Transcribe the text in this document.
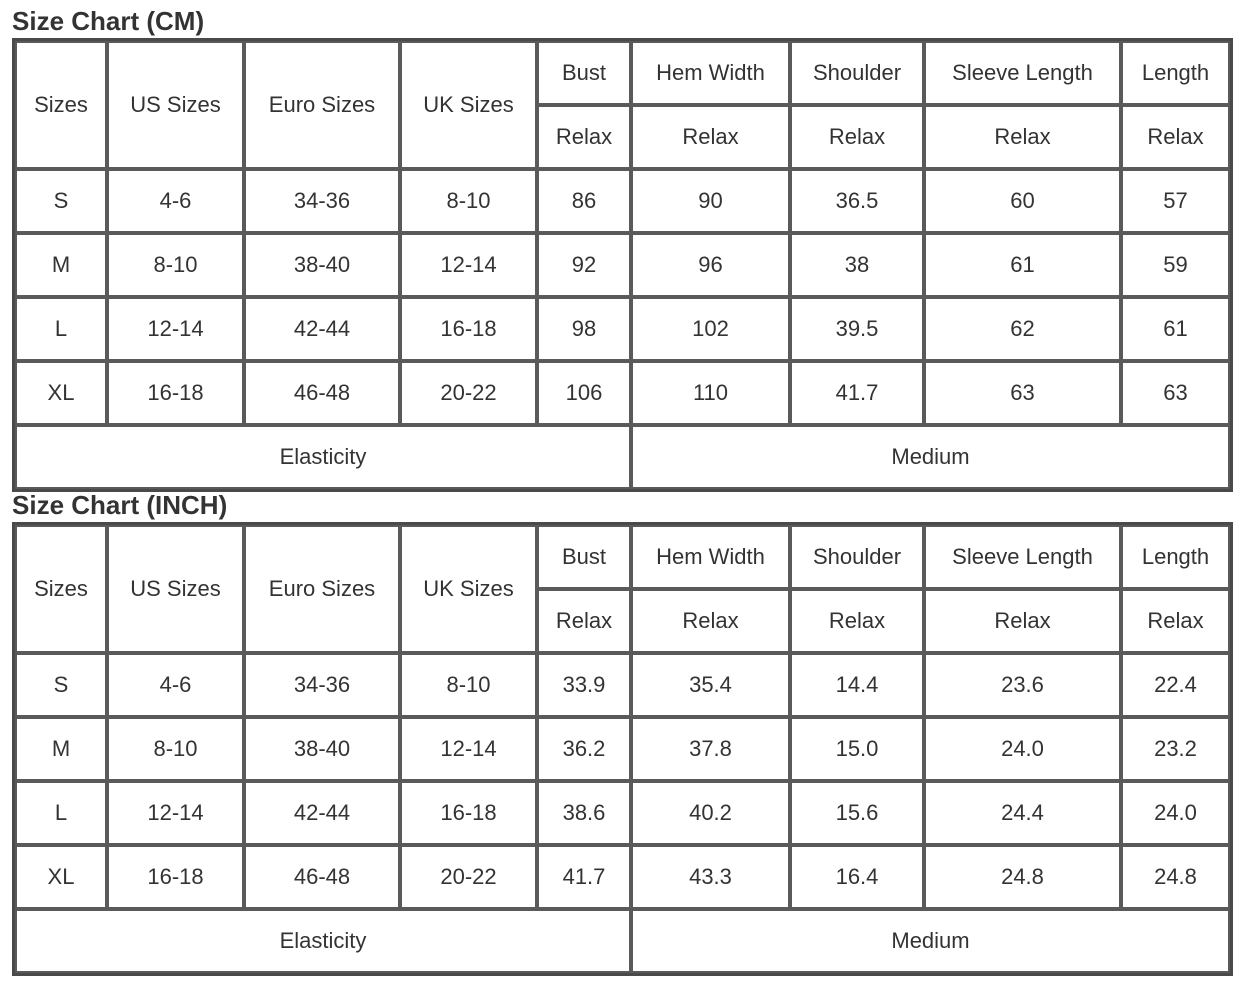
Size Chart (CM)
Sizes	US Sizes	Euro Sizes	UK Sizes	Bust	Hem Width	Shoulder	Sleeve Length	Length
				Relax	Relax	Relax	Relax	Relax
S	4-6	34-36	8-10	86	90	36.5	60	57
M	8-10	38-40	12-14	92	96	38	61	59
L	12-14	42-44	16-18	98	102	39.5	62	61
XL	16-18	46-48	20-22	106	110	41.7	63	63
Elasticity					Medium			
Size Chart (INCH)
Sizes	US Sizes	Euro Sizes	UK Sizes	Bust	Hem Width	Shoulder	Sleeve Length	Length
				Relax	Relax	Relax	Relax	Relax
S	4-6	34-36	8-10	33.9	35.4	14.4	23.6	22.4
M	8-10	38-40	12-14	36.2	37.8	15.0	24.0	23.2
L	12-14	42-44	16-18	38.6	40.2	15.6	24.4	24.0
XL	16-18	46-48	20-22	41.7	43.3	16.4	24.8	24.8
Elasticity					Medium			
